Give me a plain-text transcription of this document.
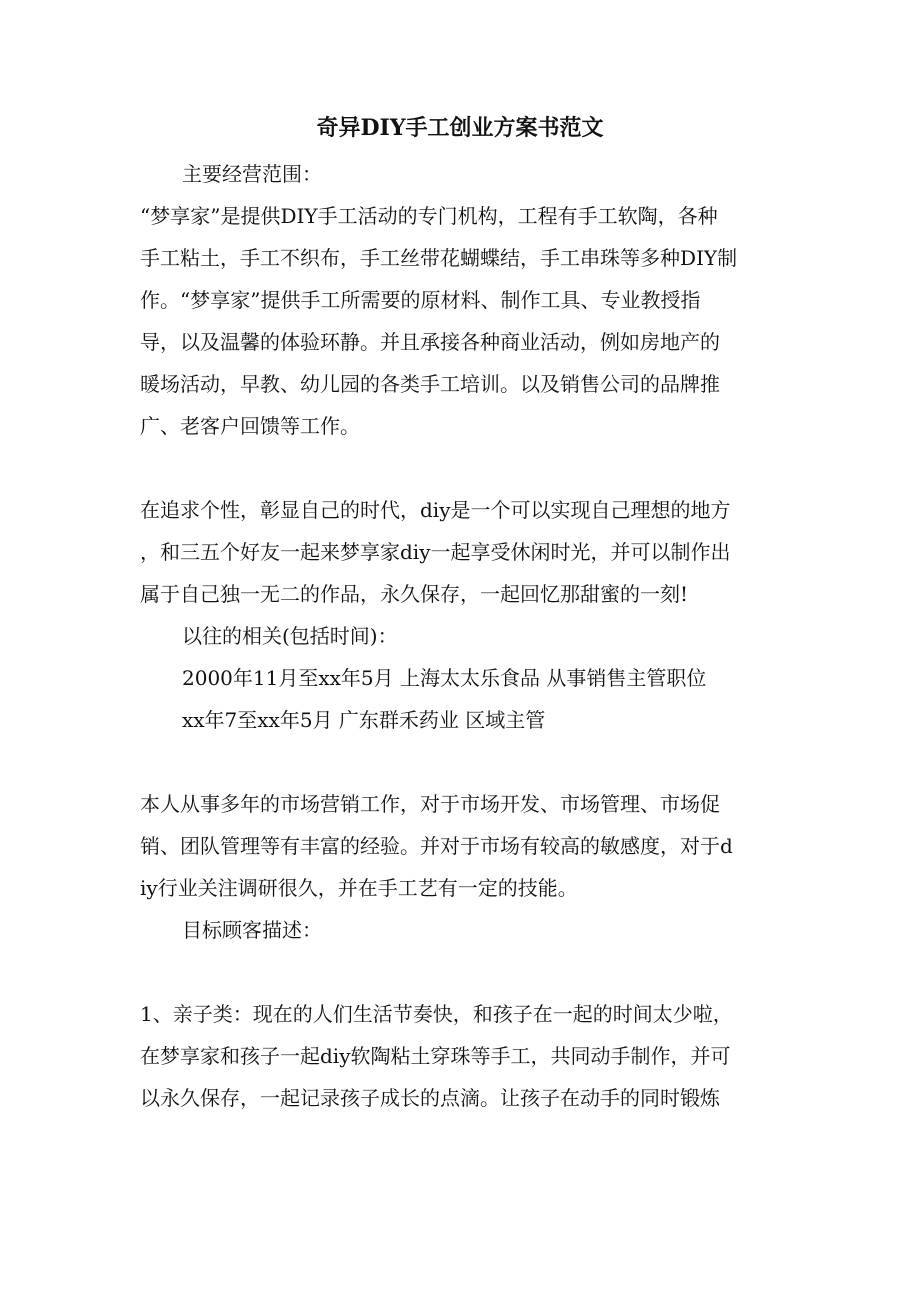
奇异DIY手工创业方案书范文
主要经营范围：
“梦享家”是提供DIY手工活动的专门机构，工程有手工软陶，各种
手工粘土，手工不织布，手工丝带花蝴蝶结，手工串珠等多种DIY制
作。“梦享家”提供手工所需要的原材料、制作工具、专业教授指
导，以及温馨的体验环静。并且承接各种商业活动，例如房地产的
暖场活动，早教、幼儿园的各类手工培训。以及销售公司的品牌推
广、老客户回馈等工作。
在追求个性，彰显自己的时代，diy是一个可以实现自己理想的地方
，和三五个好友一起来梦享家diy一起享受休闲时光，并可以制作出
属于自己独一无二的作品，永久保存，一起回忆那甜蜜的一刻!
以往的相关(包括时间)：
2000年11月至xx年5月 上海太太乐食品 从事销售主管职位
xx年7至xx年5月 广东群禾药业 区域主管
本人从事多年的市场营销工作，对于市场开发、市场管理、市场促
销、团队管理等有丰富的经验。并对于市场有较高的敏感度，对于d
iy行业关注调研很久，并在手工艺有一定的技能。
目标顾客描述：
1、亲子类：现在的人们生活节奏快，和孩子在一起的时间太少啦，
在梦享家和孩子一起diy软陶粘土穿珠等手工，共同动手制作，并可
以永久保存，一起记录孩子成长的点滴。让孩子在动手的同时锻炼
